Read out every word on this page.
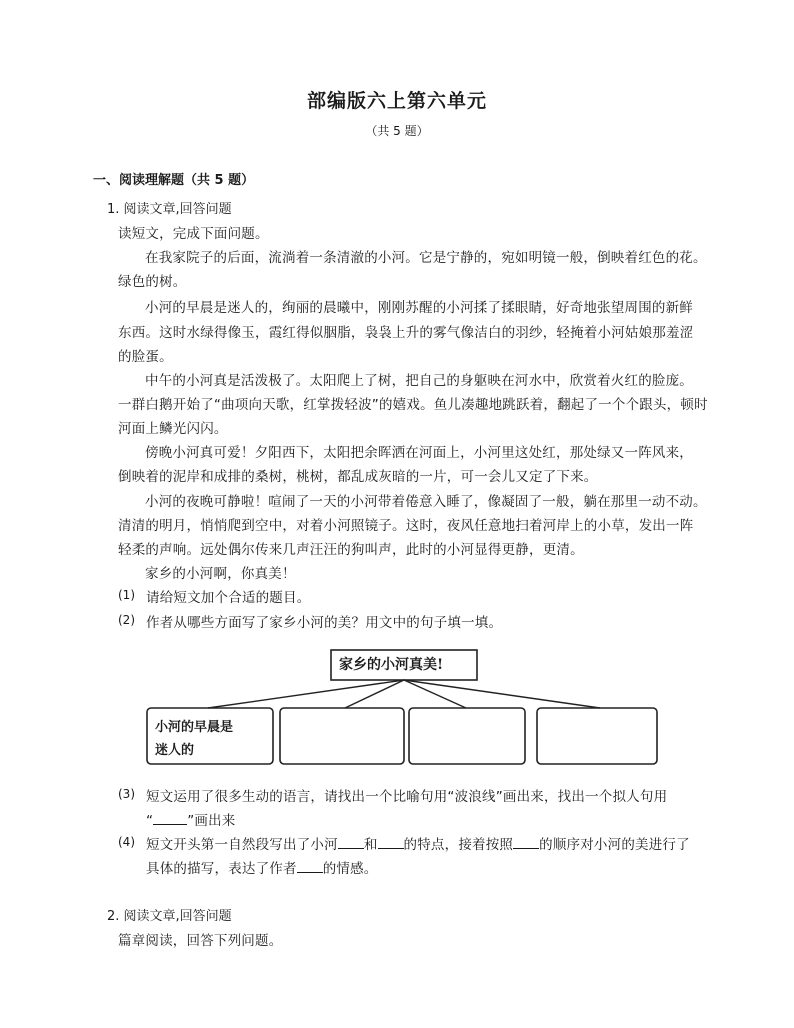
部编版六上第六单元
（共 5 题）
一、阅读理解题（共 5 题）
1. 阅读文章,回答问题
读短文，完成下面问题。
在我家院子的后面，流淌着一条清澈的小河。它是宁静的，宛如明镜一般，倒映着红色的花。
绿色的树。
小河的早晨是迷人的，绚丽的晨曦中，刚刚苏醒的小河揉了揉眼睛，好奇地张望周围的新鲜
东西。这时水绿得像玉，霞红得似胭脂，袅袅上升的雾气像洁白的羽纱，轻掩着小河姑娘那羞涩
的脸蛋。
中午的小河真是活泼极了。太阳爬上了树，把自己的身躯映在河水中，欣赏着火红的脸庞。
一群白鹅开始了“曲项向天歌，红掌拨轻波”的嬉戏。鱼儿凑趣地跳跃着，翻起了一个个跟头，顿时
河面上鳞光闪闪。
傍晚小河真可爱！夕阳西下，太阳把余晖洒在河面上，小河里这处红，那处绿又一阵风来，
倒映着的泥岸和成排的桑树，桃树，都乱成灰暗的一片，可一会儿又定了下来。
小河的夜晚可静啦！喧闹了一天的小河带着倦意入睡了，像凝固了一般，躺在那里一动不动。
清清的明月，悄悄爬到空中，对着小河照镜子。这时，夜风任意地扫着河岸上的小草，发出一阵
轻柔的声响。远处偶尔传来几声汪汪的狗叫声，此时的小河显得更静，更清。
家乡的小河啊，你真美！
(1) 请给短文加个合适的题目。
(2) 作者从哪些方面写了家乡小河的美？用文中的句子填一填。
家乡的小河真美!
小河的早晨是
迷人的
(3) 短文运用了很多生动的语言，请找出一个比喻句用“波浪线”画出来，找出一个拟人句用
“	”画出来
(4) 短文开头第一自然段写出了小河 和 的特点，接着按照 的顺序对小河的美进行了
具体的描写，表达了作者 的情感。
2. 阅读文章,回答问题
篇章阅读，回答下列问题。
